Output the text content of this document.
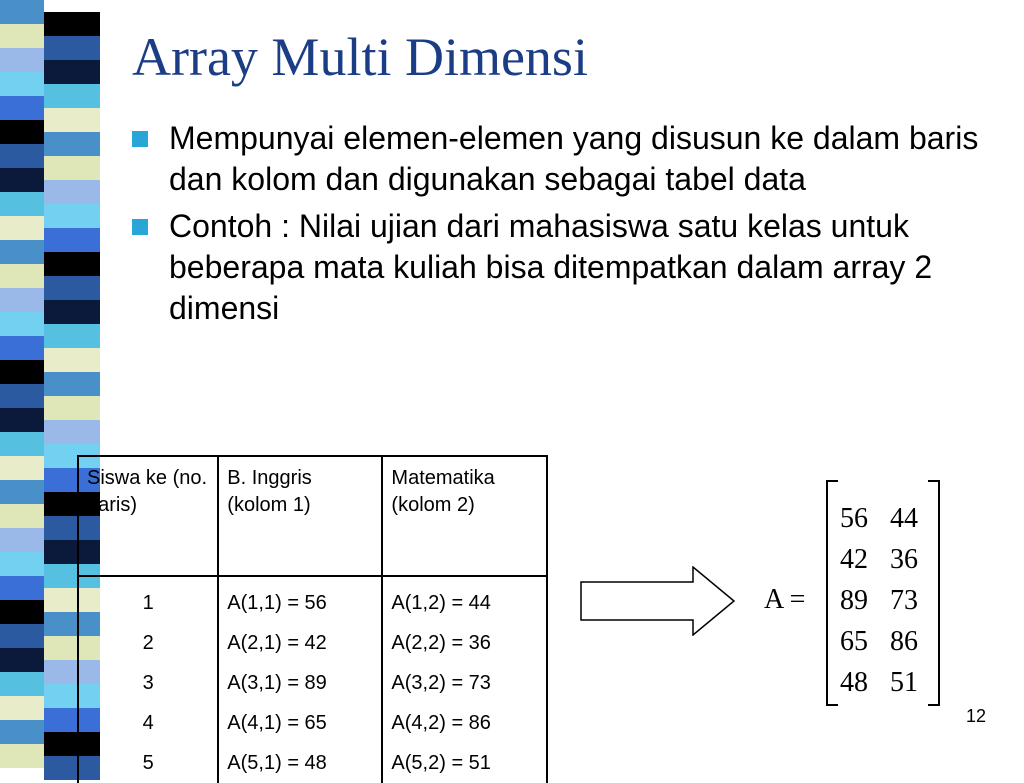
Array Multi Dimensi
Mempunyai elemen-elemen yang disusun ke dalam baris dan kolom dan digunakan sebagai tabel data
Contoh : Nilai ujian dari mahasiswa satu kelas untuk beberapa mata kuliah bisa ditempatkan dalam array 2 dimensi
Siswa ke (no. baris)	B. Inggris (kolom 1)	Matematika (kolom 2)
1	A(1,1) = 56	A(1,2) = 44
2	A(2,1) = 42	A(2,2) = 36
3	A(3,1) = 89	A(3,2) = 73
4	A(4,1) = 65	A(4,2) = 86
5	A(5,1) = 48	A(5,2) = 51
A =
56 44
42 36
89 73
65 86
48 51
12
